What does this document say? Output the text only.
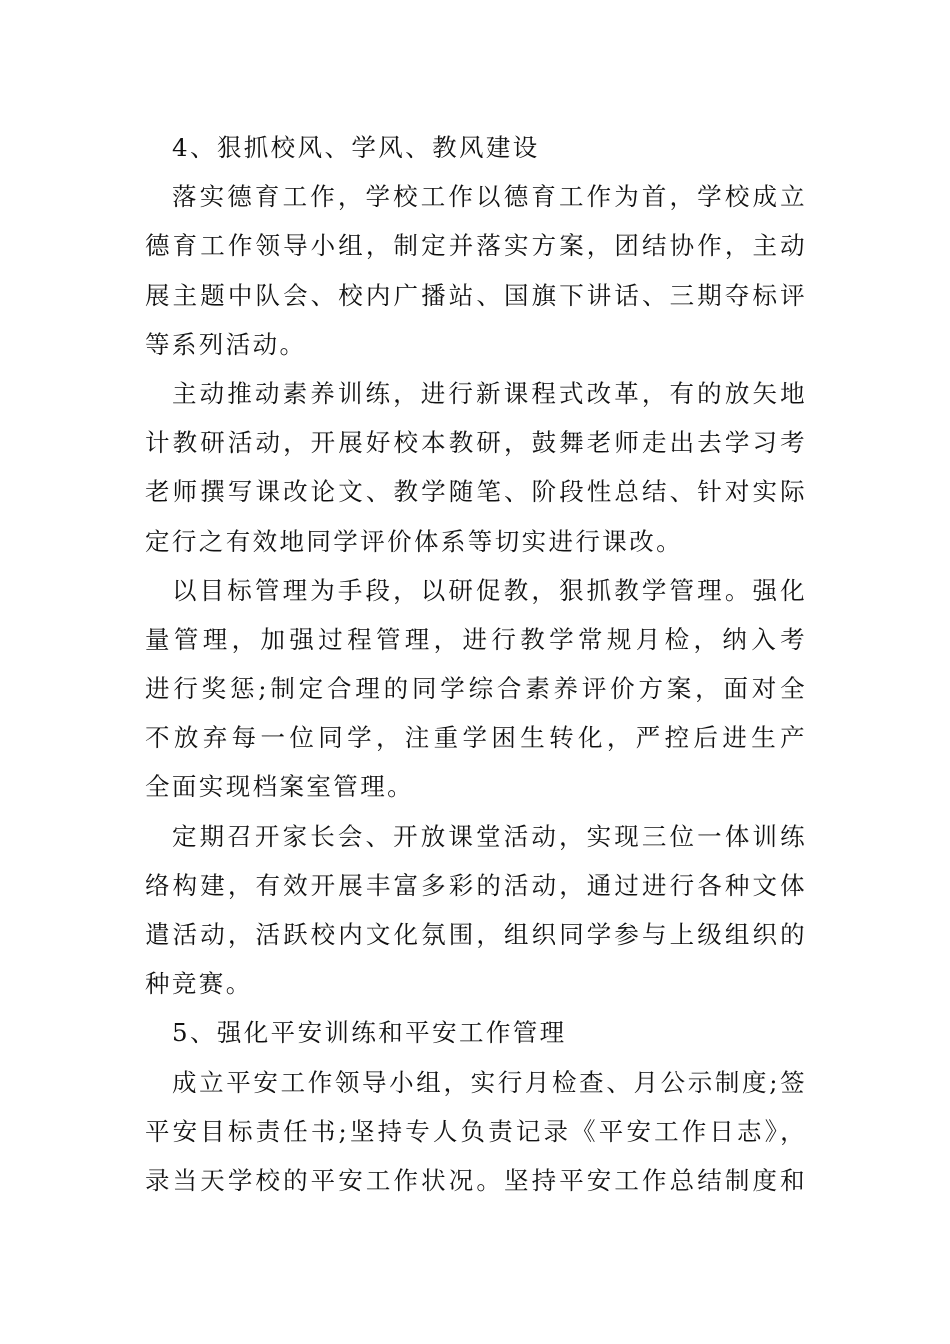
4、狠抓校风、学风、教风建设
落实德育工作，学校工作以德育工作为首，学校成立
德育工作领导小组，制定并落实方案，团结协作，主动
展主题中队会、校内广播站、国旗下讲话、三期夺标评
等系列活动。
主动推动素养训练，进行新课程式改革，有的放矢地
计教研活动，开展好校本教研，鼓舞老师走出去学习考
老师撰写课改论文、教学随笔、阶段性总结、针对实际
定行之有效地同学评价体系等切实进行课改。
以目标管理为手段，以研促教，狠抓教学管理。强化
量管理，加强过程管理，进行教学常规月检，纳入考
进行奖惩;制定合理的同学综合素养评价方案，面对全
不放弃每一位同学，注重学困生转化，严控后进生产
全面实现档案室管理。
定期召开家长会、开放课堂活动，实现三位一体训练
络构建，有效开展丰富多彩的活动，通过进行各种文体
遣活动，活跃校内文化氛围，组织同学参与上级组织的
种竞赛。
5、强化平安训练和平安工作管理
成立平安工作领导小组，实行月检查、月公示制度;签
平安目标责任书;坚持专人负责记录《平安工作日志》，
录当天学校的平安工作状况。坚持平安工作总结制度和
